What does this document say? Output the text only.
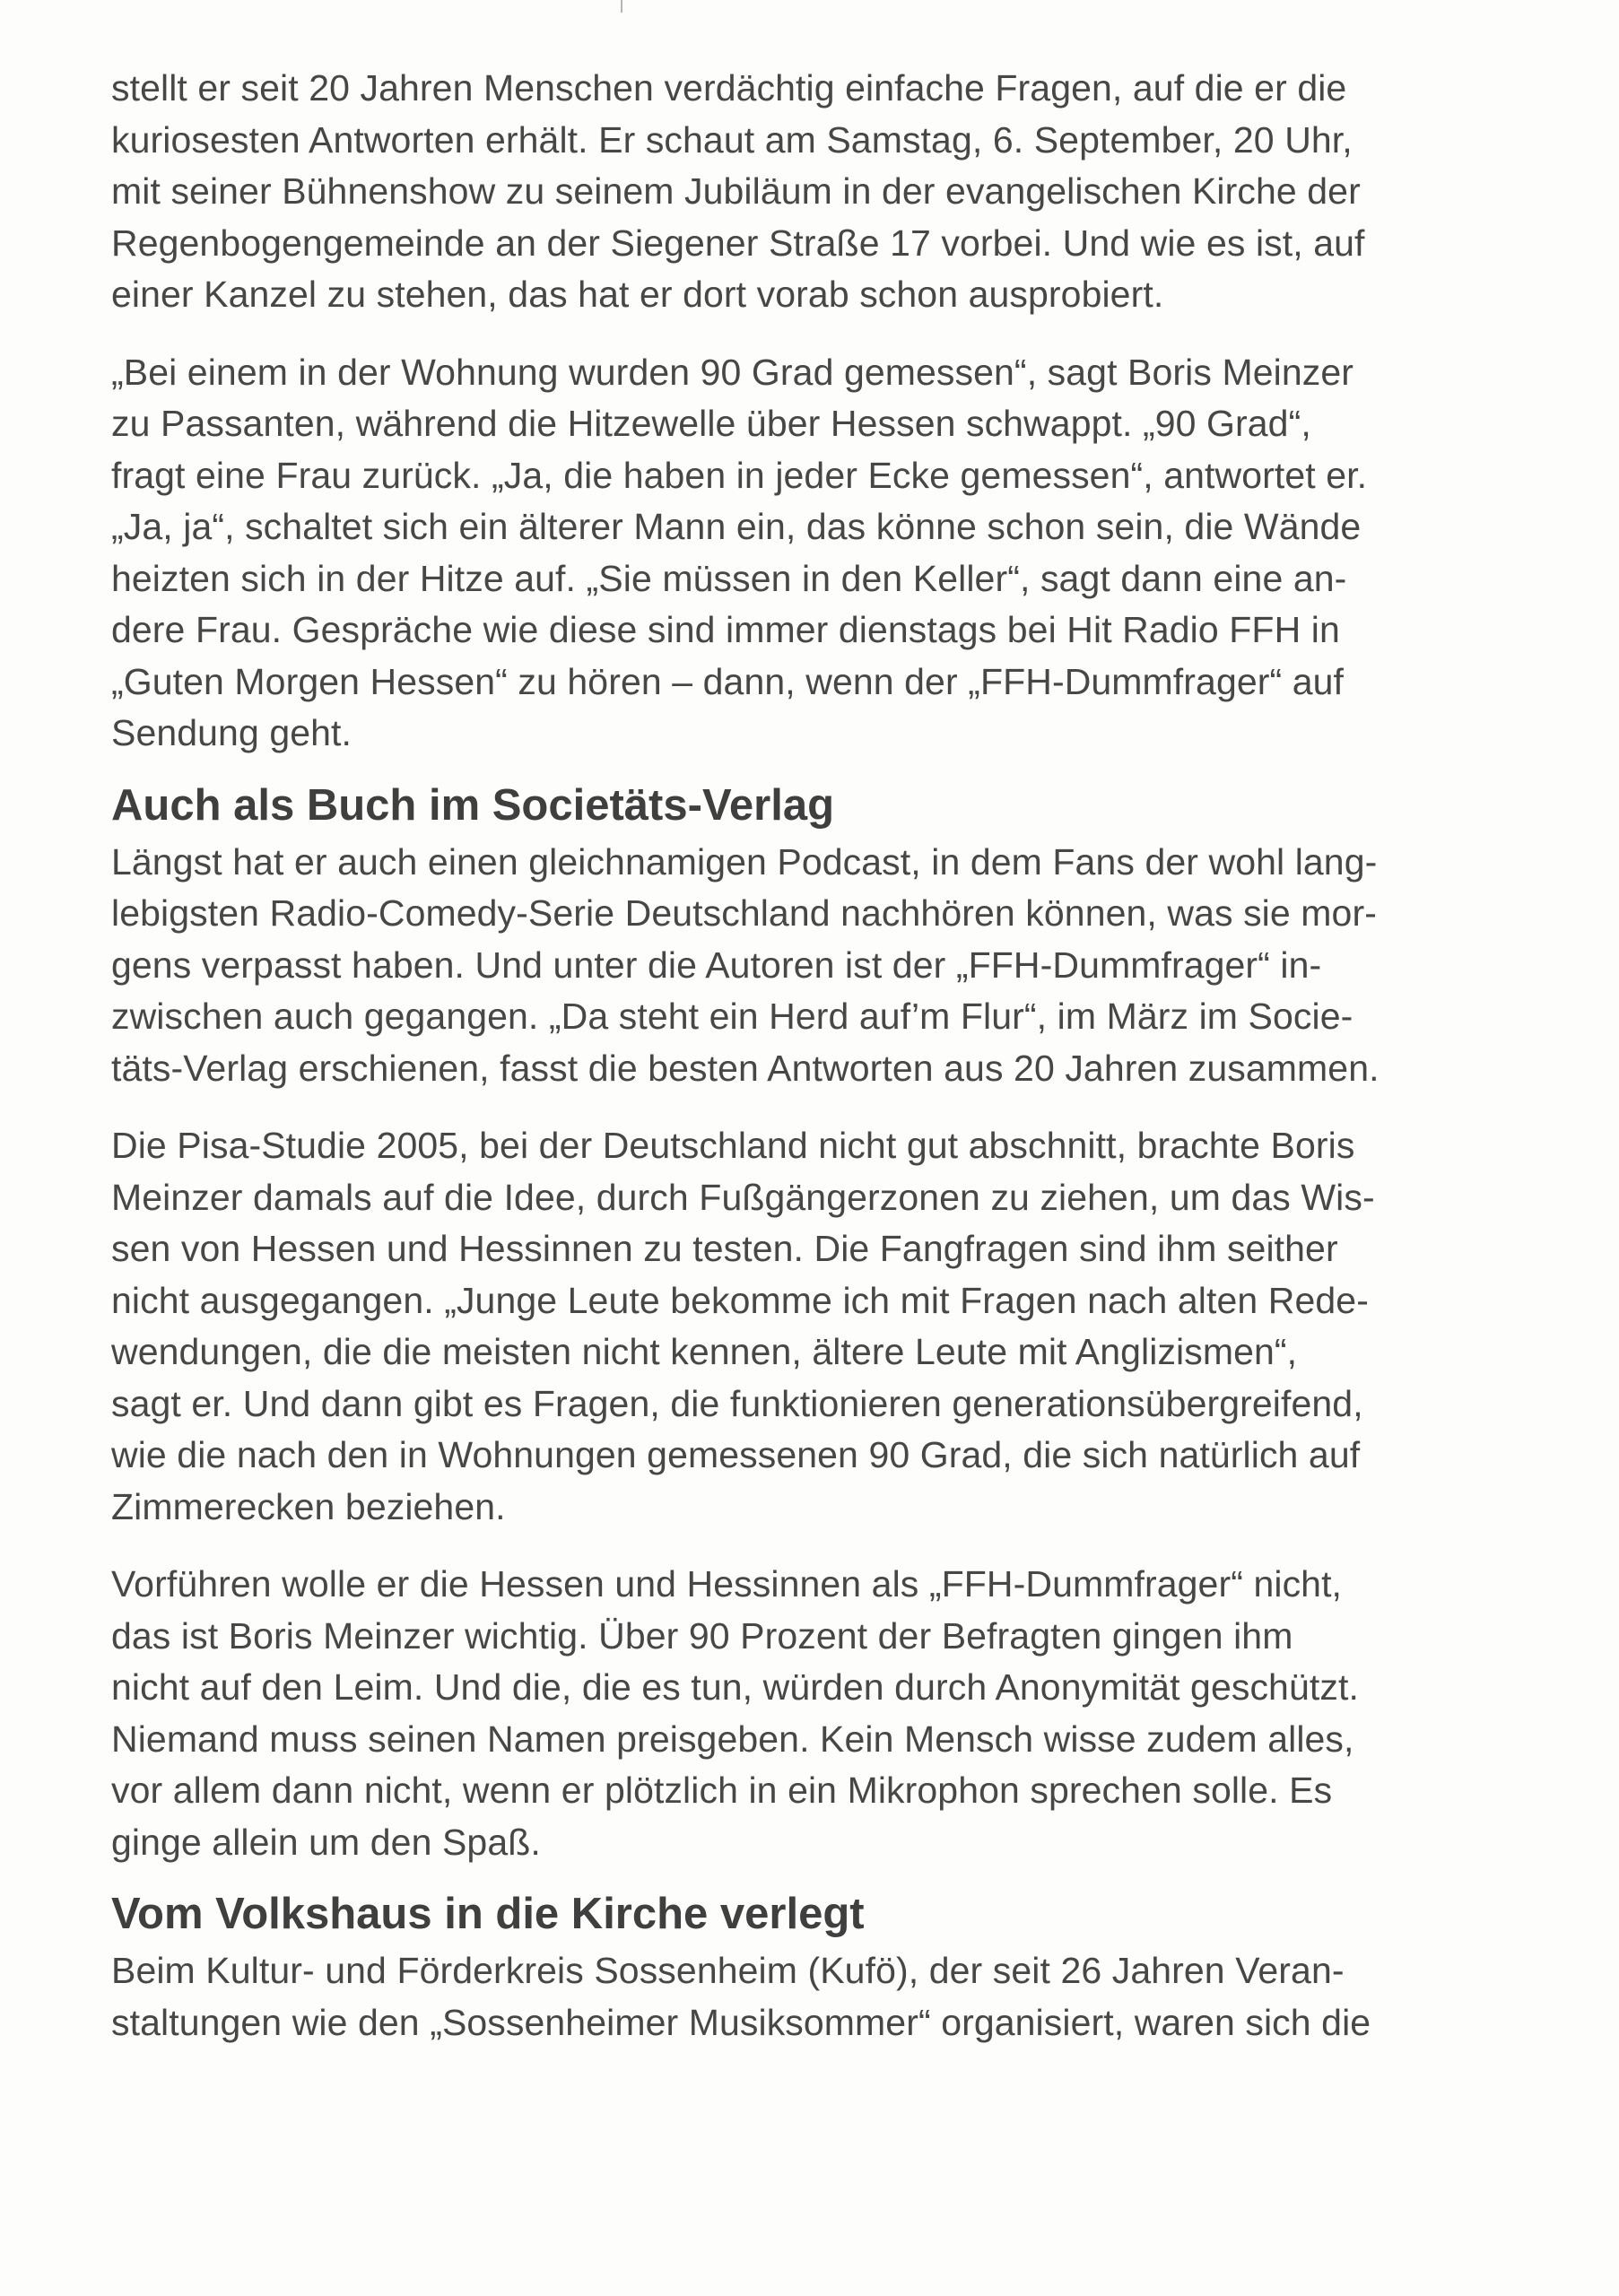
stellt er seit 20 Jahren Menschen verdächtig einfache Fragen, auf die er die
kuriosesten Antworten erhält. Er schaut am Samstag, 6. September, 20 Uhr,
mit seiner Bühnenshow zu seinem Jubiläum in der evangelischen Kirche der
Regenbogengemeinde an der Siegener Straße 17 vorbei. Und wie es ist, auf
einer Kanzel zu stehen, das hat er dort vorab schon ausprobiert.

„Bei einem in der Wohnung wurden 90 Grad gemessen“, sagt Boris Meinzer
zu Passanten, während die Hitzewelle über Hessen schwappt. „90 Grad“,
fragt eine Frau zurück. „Ja, die haben in jeder Ecke gemessen“, antwortet er.
„Ja, ja“, schaltet sich ein älterer Mann ein, das könne schon sein, die Wände
heizten sich in der Hitze auf. „Sie müssen in den Keller“, sagt dann eine an-
dere Frau. Gespräche wie diese sind immer dienstags bei Hit Radio FFH in
„Guten Morgen Hessen“ zu hören – dann, wenn der „FFH-Dummfrager“ auf
Sendung geht.

Auch als Buch im Societäts-Verlag

Längst hat er auch einen gleichnamigen Podcast, in dem Fans der wohl lang-
lebigsten Radio-Comedy-Serie Deutschland nachhören können, was sie mor-
gens verpasst haben. Und unter die Autoren ist der „FFH-Dummfrager“ in-
zwischen auch gegangen. „Da steht ein Herd auf’m Flur“, im März im Socie-
täts-Verlag erschienen, fasst die besten Antworten aus 20 Jahren zusammen.

Die Pisa-Studie 2005, bei der Deutschland nicht gut abschnitt, brachte Boris
Meinzer damals auf die Idee, durch Fußgängerzonen zu ziehen, um das Wis-
sen von Hessen und Hessinnen zu testen. Die Fangfragen sind ihm seither
nicht ausgegangen. „Junge Leute bekomme ich mit Fragen nach alten Rede-
wendungen, die die meisten nicht kennen, ältere Leute mit Anglizismen“,
sagt er. Und dann gibt es Fragen, die funktionieren generationsübergreifend,
wie die nach den in Wohnungen gemessenen 90 Grad, die sich natürlich auf
Zimmerecken beziehen.

Vorführen wolle er die Hessen und Hessinnen als „FFH-Dummfrager“ nicht,
das ist Boris Meinzer wichtig. Über 90 Prozent der Befragten gingen ihm
nicht auf den Leim. Und die, die es tun, würden durch Anonymität geschützt.
Niemand muss seinen Namen preisgeben. Kein Mensch wisse zudem alles,
vor allem dann nicht, wenn er plötzlich in ein Mikrophon sprechen solle. Es
ginge allein um den Spaß.

Vom Volkshaus in die Kirche verlegt

Beim Kultur- und Förderkreis Sossenheim (Kufö), der seit 26 Jahren Veran-
staltungen wie den „Sossenheimer Musiksommer“ organisiert, waren sich die
